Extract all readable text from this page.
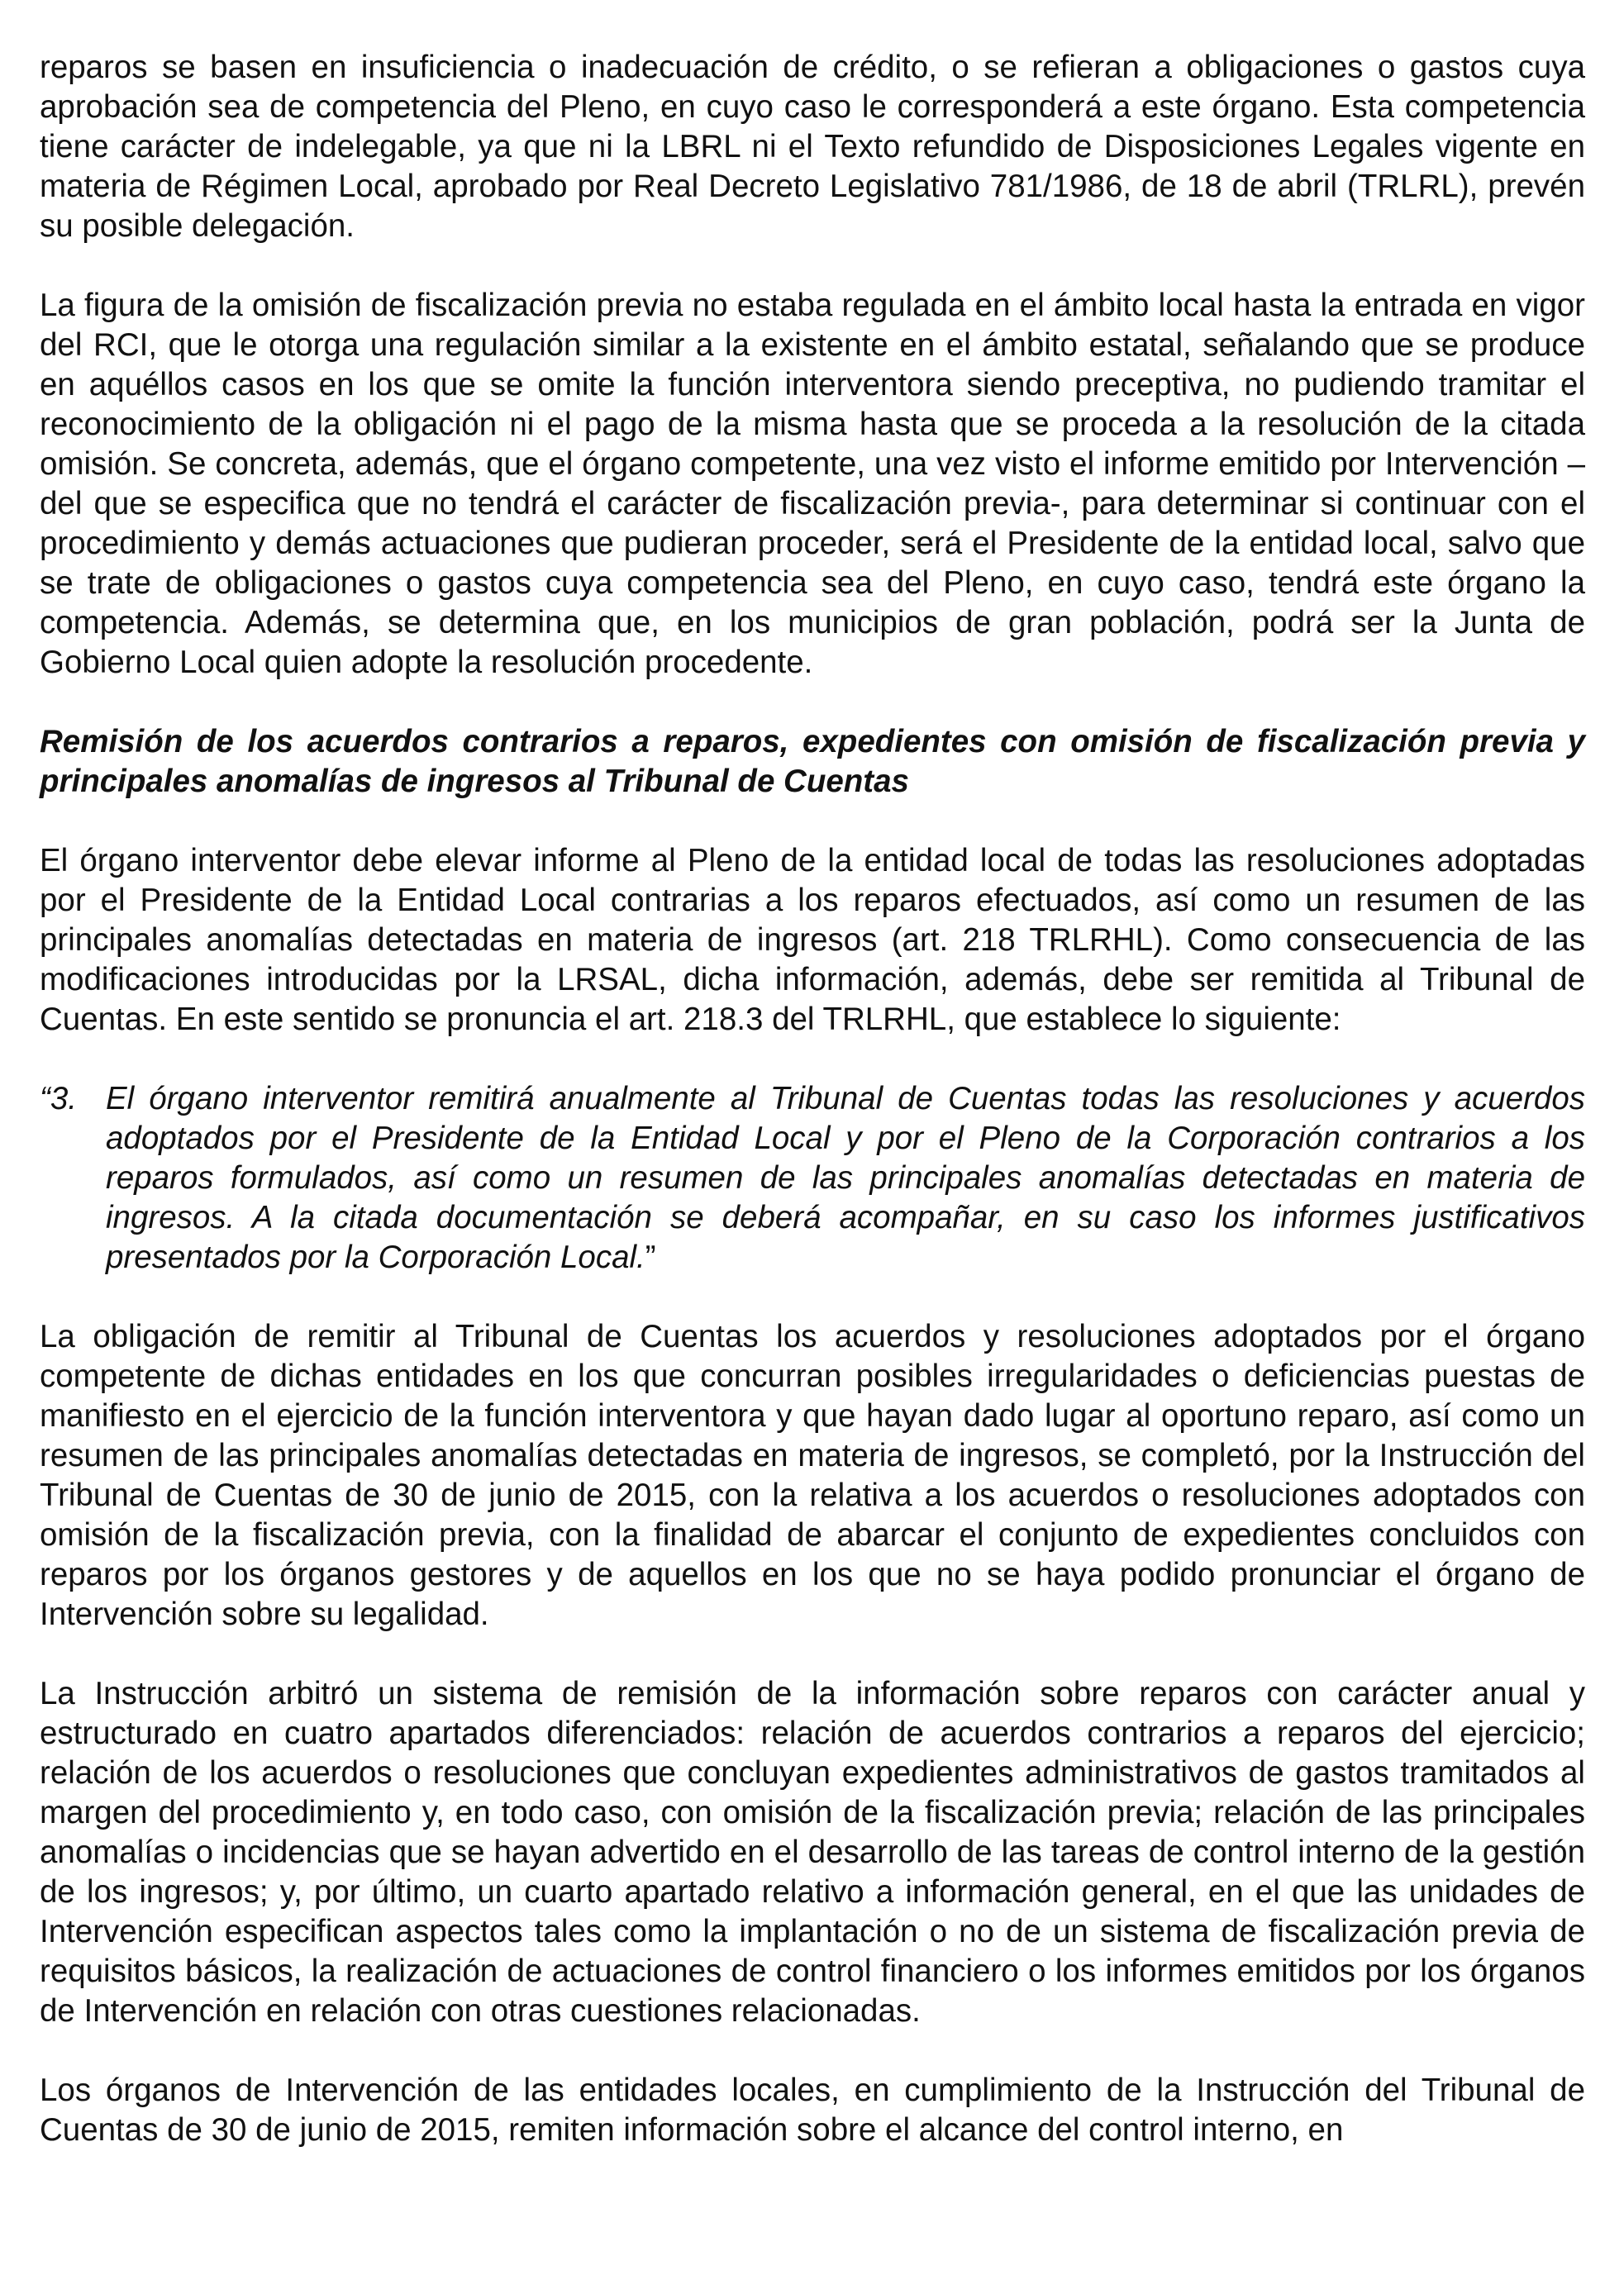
reparos se basen en insuficiencia o inadecuación de crédito, o se refieran a obligaciones o gastos cuya aprobación sea de competencia del Pleno, en cuyo caso le corresponderá a este órgano. Esta competencia tiene carácter de indelegable, ya que ni la LBRL ni el Texto refundido de Disposiciones Legales vigente en materia de Régimen Local, aprobado por Real Decreto Legislativo 781/1986, de 18 de abril (TRLRL), prevén su posible delegación.

La figura de la omisión de fiscalización previa no estaba regulada en el ámbito local hasta la entrada en vigor del RCI, que le otorga una regulación similar a la existente en el ámbito estatal, señalando que se produce en aquéllos casos en los que se omite la función interventora siendo preceptiva, no pudiendo tramitar el reconocimiento de la obligación ni el pago de la misma hasta que se proceda a la resolución de la citada omisión. Se concreta, además, que el órgano competente, una vez visto el informe emitido por Intervención –del que se especifica que no tendrá el carácter de fiscalización previa-, para determinar si continuar con el procedimiento y demás actuaciones que pudieran proceder, será el Presidente de la entidad local, salvo que se trate de obligaciones o gastos cuya competencia sea del Pleno, en cuyo caso, tendrá este órgano la competencia. Además, se determina que, en los municipios de gran población, podrá ser la Junta de Gobierno Local quien adopte la resolución procedente.

Remisión de los acuerdos contrarios a reparos, expedientes con omisión de fiscalización previa y principales anomalías de ingresos al Tribunal de Cuentas

El órgano interventor debe elevar informe al Pleno de la entidad local de todas las resoluciones adoptadas por el Presidente de la Entidad Local contrarias a los reparos efectuados, así como un resumen de las principales anomalías detectadas en materia de ingresos (art. 218 TRLRHL). Como consecuencia de las modificaciones introducidas por la LRSAL, dicha información, además, debe ser remitida al Tribunal de Cuentas. En este sentido se pronuncia el art. 218.3 del TRLRHL, que establece lo siguiente:

“3. El órgano interventor remitirá anualmente al Tribunal de Cuentas todas las resoluciones y acuerdos adoptados por el Presidente de la Entidad Local y por el Pleno de la Corporación contrarios a los reparos formulados, así como un resumen de las principales anomalías detectadas en materia de ingresos. A la citada documentación se deberá acompañar, en su caso los informes justificativos presentados por la Corporación Local.”

La obligación de remitir al Tribunal de Cuentas los acuerdos y resoluciones adoptados por el órgano competente de dichas entidades en los que concurran posibles irregularidades o deficiencias puestas de manifiesto en el ejercicio de la función interventora y que hayan dado lugar al oportuno reparo, así como un resumen de las principales anomalías detectadas en materia de ingresos, se completó, por la Instrucción del Tribunal de Cuentas de 30 de junio de 2015, con la relativa a los acuerdos o resoluciones adoptados con omisión de la fiscalización previa, con la finalidad de abarcar el conjunto de expedientes concluidos con reparos por los órganos gestores y de aquellos en los que no se haya podido pronunciar el órgano de Intervención sobre su legalidad.

La Instrucción arbitró un sistema de remisión de la información sobre reparos con carácter anual y estructurado en cuatro apartados diferenciados: relación de acuerdos contrarios a reparos del ejercicio; relación de los acuerdos o resoluciones que concluyan expedientes administrativos de gastos tramitados al margen del procedimiento y, en todo caso, con omisión de la fiscalización previa; relación de las principales anomalías o incidencias que se hayan advertido en el desarrollo de las tareas de control interno de la gestión de los ingresos; y, por último, un cuarto apartado relativo a información general, en el que las unidades de Intervención especifican aspectos tales como la implantación o no de un sistema de fiscalización previa de requisitos básicos, la realización de actuaciones de control financiero o los informes emitidos por los órganos de Intervención en relación con otras cuestiones relacionadas.

Los órganos de Intervención de las entidades locales, en cumplimiento de la Instrucción del Tribunal de Cuentas de 30 de junio de 2015, remiten información sobre el alcance del control interno, en
